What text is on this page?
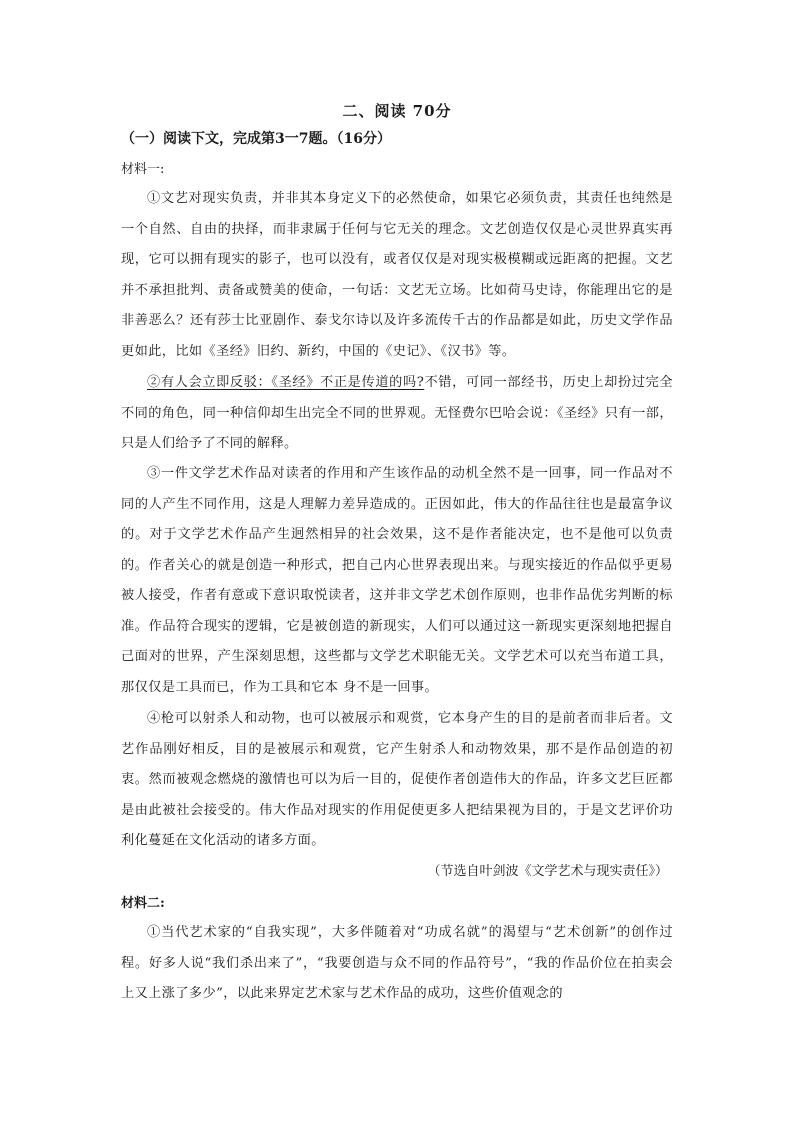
二、阅读 70分
（一）阅读下文，完成第3一7题。（16分）
材料一:

①文艺对现实负责，并非其本身定义下的必然使命，如果它必须负责，其责任也纯然是一个自然、自由的抉择，而非隶属于任何与它无关的理念。文艺创造仅仅是心灵世界真实再现，它可以拥有现实的影子，也可以没有，或者仅仅是对现实极模糊或远距离的把握。文艺并不承担批判、责备或赞美的使命，一句话：文艺无立场。比如荷马史诗，你能理出它的是非善恶么？还有莎士比亚剧作、泰戈尔诗以及许多流传千古的作品都是如此，历史文学作品更如此，比如《圣经》旧约、新约，中国的《史记》、《汉书》等。

②有人会立即反驳：《圣经》不正是传道的吗?不错，可同一部经书，历史上却扮过完全不同的角色，同一种信仰却生出完全不同的世界观。无怪费尔巴哈会说：《圣经》只有一部，只是人们给予了不同的解释。

③一件文学艺术作品对读者的作用和产生该作品的动机全然不是一回事，同一作品对不同的人产生不同作用，这是人理解力差异造成的。正因如此，伟大的作品往往也是最富争议的。对于文学艺术作品产生迥然相异的社会效果，这不是作者能决定，也不是他可以负责的。作者关心的就是创造一种形式，把自己内心世界表现出来。与现实接近的作品似乎更易被人接受，作者有意或下意识取悦读者，这并非文学艺术创作原则，也非作品优劣判断的标准。作品符合现实的逻辑，它是被创造的新现实，人们可以通过这一新现实更深刻地把握自己面对的世界，产生深刻思想，这些都与文学艺术职能无关。文学艺术可以充当布道工具，那仅仅是工具而已，作为工具和它本 身不是一回事。

④枪可以射杀人和动物，也可以被展示和观赏，它本身产生的目的是前者而非后者。文艺作品刚好相反，目的是被展示和观赏，它产生射杀人和动物效果，那不是作品创造的初衷。然而被观念燃烧的激情也可以为后一目的，促使作者创造伟大的作品，许多文艺巨匠都是由此被社会接受的。伟大作品对现实的作用促使更多人把结果视为目的，于是文艺评价功利化蔓延在文化活动的诸多方面。

（节选自叶剑波《文学艺术与现实责任》）
材料二:

①当代艺术家的“自我实现”，大多伴随着对“功成名就”的渴望与“艺术创新”的创作过 程。好多人说“我们杀出来了”，“我要创造与众不同的作品符号”，“我的作品价位在拍卖会上又上涨了多少”，以此来界定艺术家与艺术作品的成功，这些价值观念的
